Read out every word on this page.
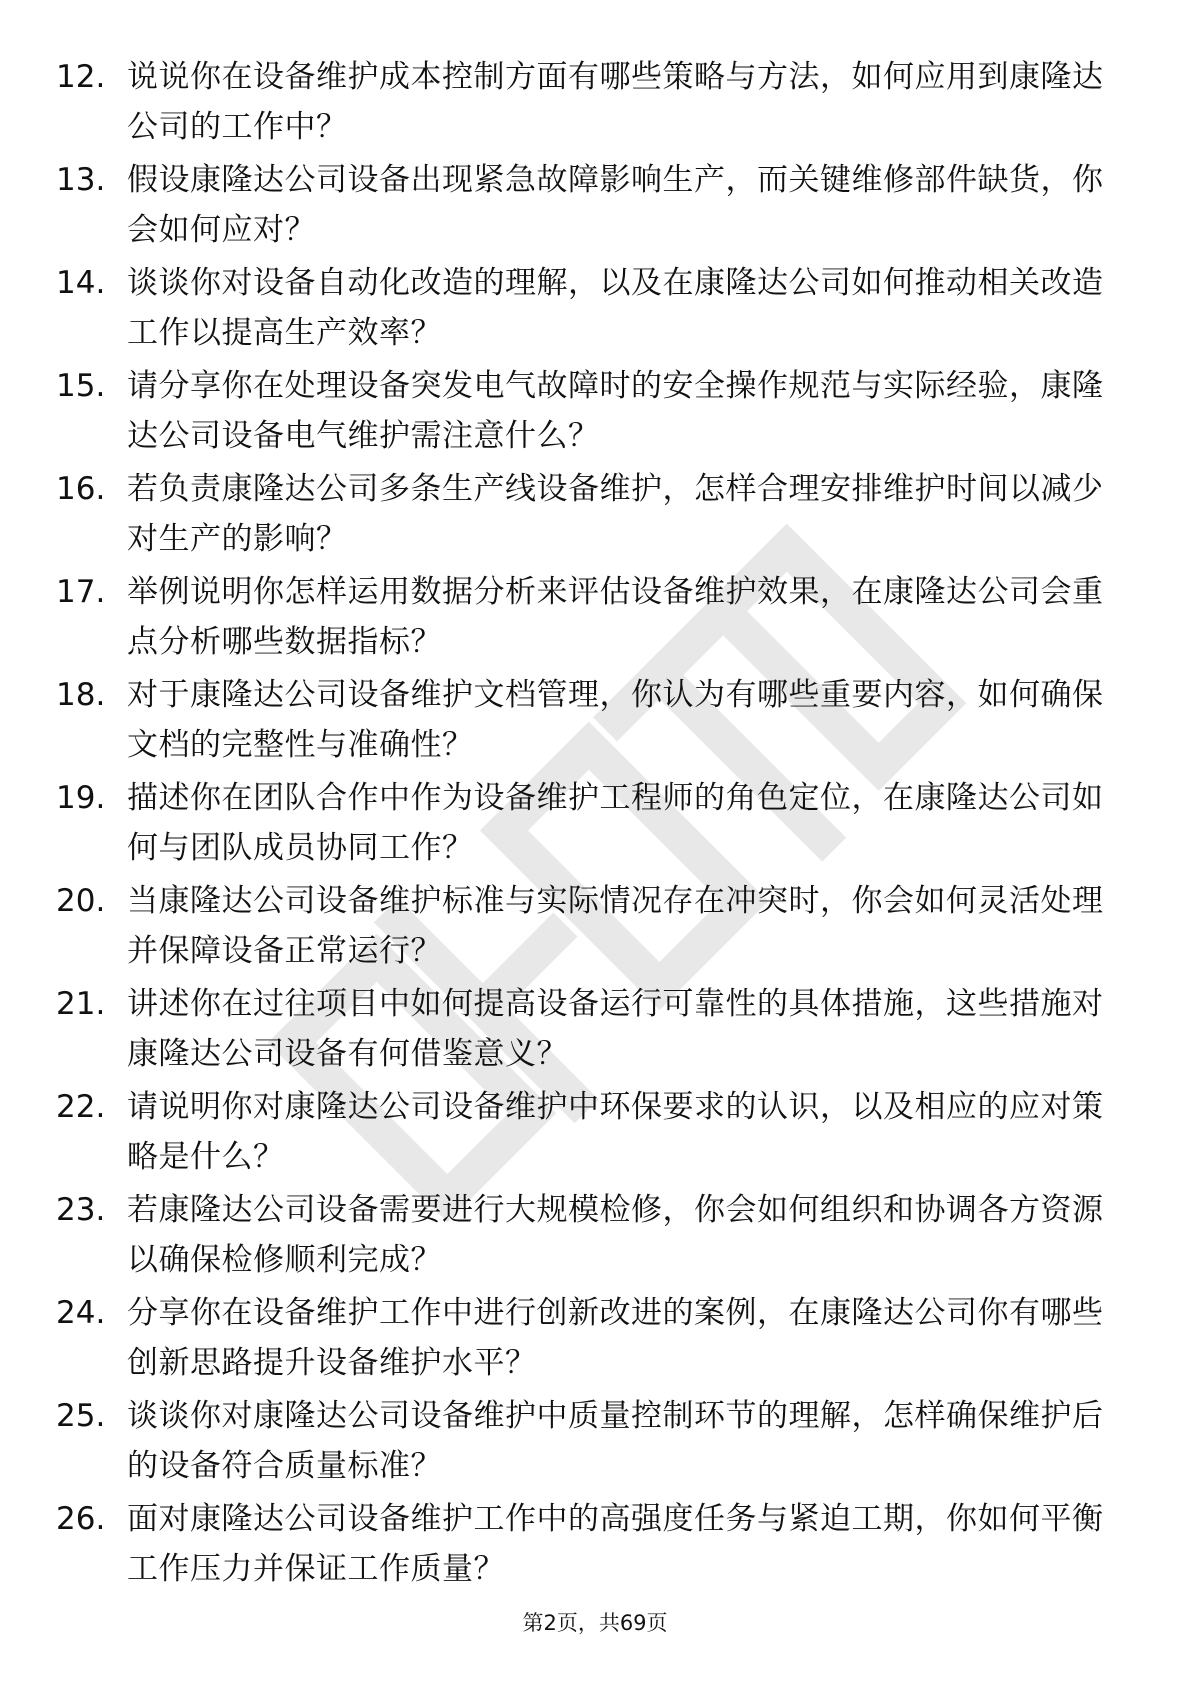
12. 说说你在设备维护成本控制方面有哪些策略与方法，如何应用到康隆达公司的工作中？
13. 假设康隆达公司设备出现紧急故障影响生产，而关键维修部件缺货，你会如何应对？
14. 谈谈你对设备自动化改造的理解，以及在康隆达公司如何推动相关改造工作以提高生产效率？
15. 请分享你在处理设备突发电气故障时的安全操作规范与实际经验，康隆达公司设备电气维护需注意什么？
16. 若负责康隆达公司多条生产线设备维护，怎样合理安排维护时间以减少对生产的影响？
17. 举例说明你怎样运用数据分析来评估设备维护效果，在康隆达公司会重点分析哪些数据指标？
18. 对于康隆达公司设备维护文档管理，你认为有哪些重要内容，如何确保文档的完整性与准确性？
19. 描述你在团队合作中作为设备维护工程师的角色定位，在康隆达公司如何与团队成员协同工作？
20. 当康隆达公司设备维护标准与实际情况存在冲突时，你会如何灵活处理并保障设备正常运行？
21. 讲述你在过往项目中如何提高设备运行可靠性的具体措施，这些措施对康隆达公司设备有何借鉴意义？
22. 请说明你对康隆达公司设备维护中环保要求的认识，以及相应的应对策略是什么？
23. 若康隆达公司设备需要进行大规模检修，你会如何组织和协调各方资源以确保检修顺利完成？
24. 分享你在设备维护工作中进行创新改进的案例，在康隆达公司你有哪些创新思路提升设备维护水平？
25. 谈谈你对康隆达公司设备维护中质量控制环节的理解，怎样确保维护后的设备符合质量标准？
26. 面对康隆达公司设备维护工作中的高强度任务与紧迫工期，你如何平衡工作压力并保证工作质量？
第2页，共69页
